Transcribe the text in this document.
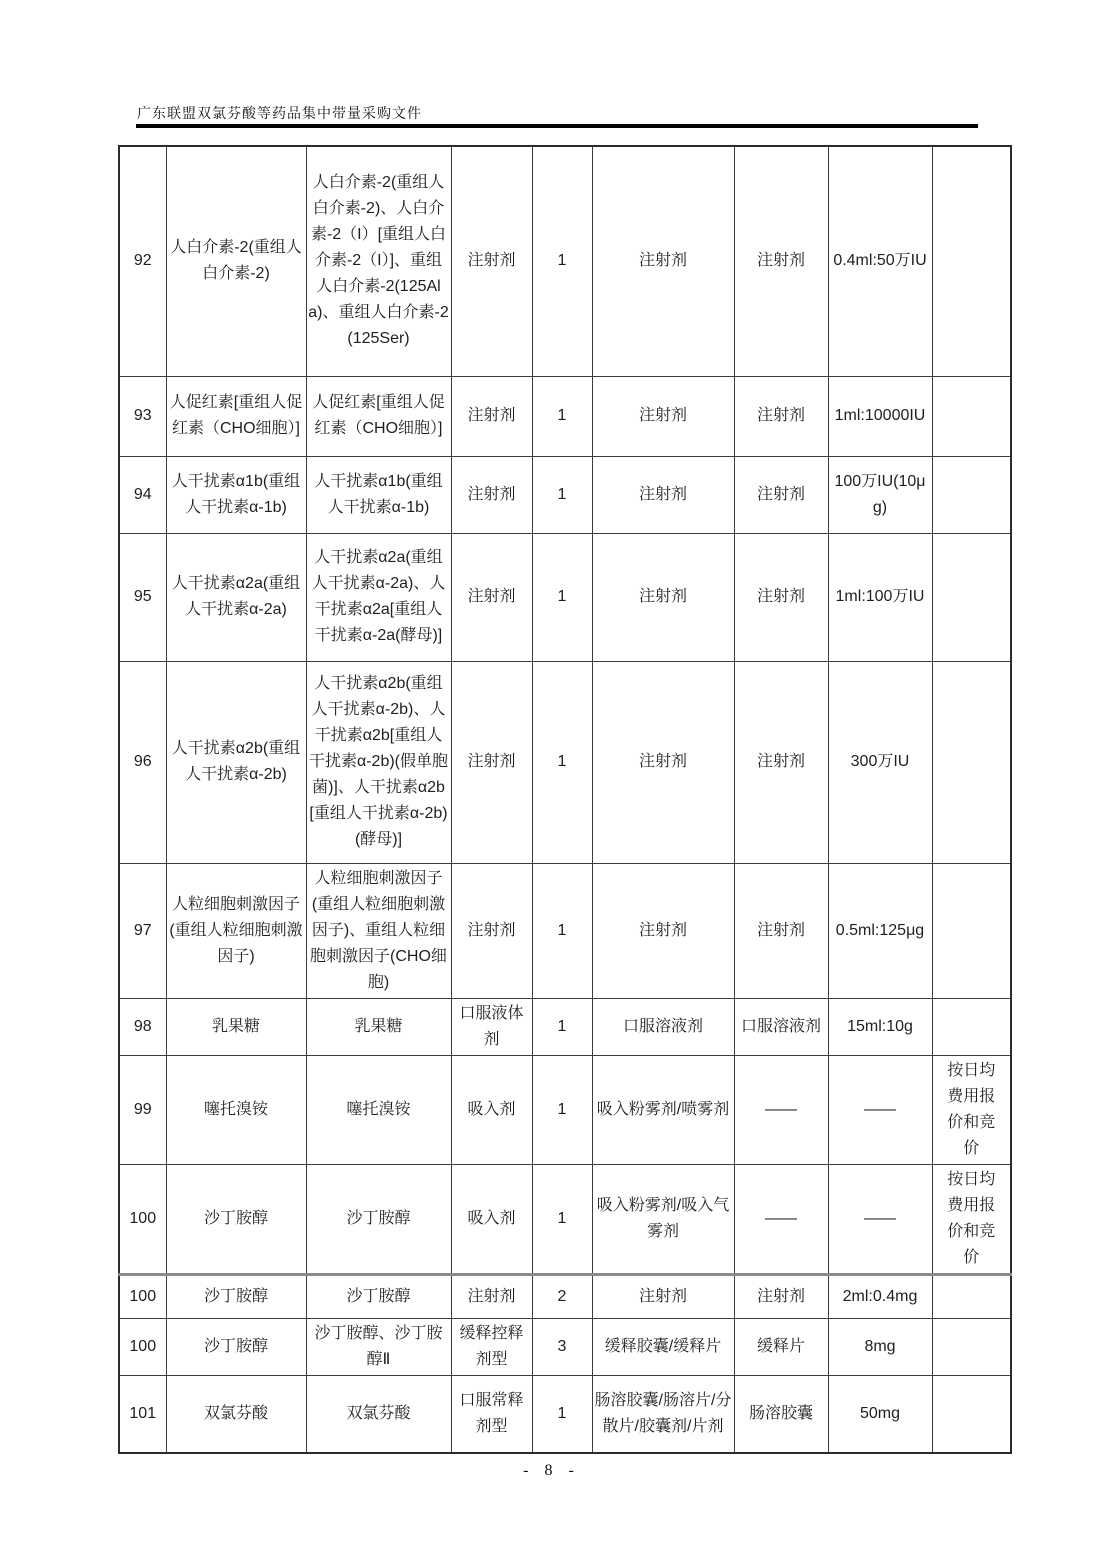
广东联盟双氯芬酸等药品集中带量采购文件
92	人白介素-2(重组人白介素-2)	人白介素-2(重组人白介素-2)、人白介素-2（I）[重组人白介素-2（I）]、重组人白介素-2(125Ala)、重组人白介素-2(125Ser)	注射剂	1	注射剂	注射剂	0.4ml:50万IU	
93	人促红素[重组人促红素（CHO细胞）]	人促红素[重组人促红素（CHO细胞）]	注射剂	1	注射剂	注射剂	1ml:10000IU	
94	人干扰素α1b(重组人干扰素α-1b)	人干扰素α1b(重组人干扰素α-1b)	注射剂	1	注射剂	注射剂	100万IU(10μg)	
95	人干扰素α2a(重组人干扰素α-2a)	人干扰素α2a(重组人干扰素α-2a)、人干扰素α2a[重组人干扰素α-2a(酵母)]	注射剂	1	注射剂	注射剂	1ml:100万IU	
96	人干扰素α2b(重组人干扰素α-2b)	人干扰素α2b(重组人干扰素α-2b)、人干扰素α2b[重组人干扰素α-2b)(假单胞菌)]、人干扰素α2b[重组人干扰素α-2b)(酵母)]	注射剂	1	注射剂	注射剂	300万IU	
97	人粒细胞刺激因子(重组人粒细胞刺激因子)	人粒细胞刺激因子(重组人粒细胞刺激因子)、重组人粒细胞刺激因子(CHO细胞)	注射剂	1	注射剂	注射剂	0.5ml:125μg	
98	乳果糖	乳果糖	口服液体剂	1	口服溶液剂	口服溶液剂	15ml:10g	
99	噻托溴铵	噻托溴铵	吸入剂	1	吸入粉雾剂/喷雾剂	——	——	按日均费用报价和竞价
100	沙丁胺醇	沙丁胺醇	吸入剂	1	吸入粉雾剂/吸入气雾剂	——	——	按日均费用报价和竞价
100	沙丁胺醇	沙丁胺醇	注射剂	2	注射剂	注射剂	2ml:0.4mg	
100	沙丁胺醇	沙丁胺醇、沙丁胺醇Ⅱ	缓释控释剂型	3	缓释胶囊/缓释片	缓释片	8mg	
101	双氯芬酸	双氯芬酸	口服常释剂型	1	肠溶胶囊/肠溶片/分散片/胶囊剂/片剂	肠溶胶囊	50mg	
- 8 -
